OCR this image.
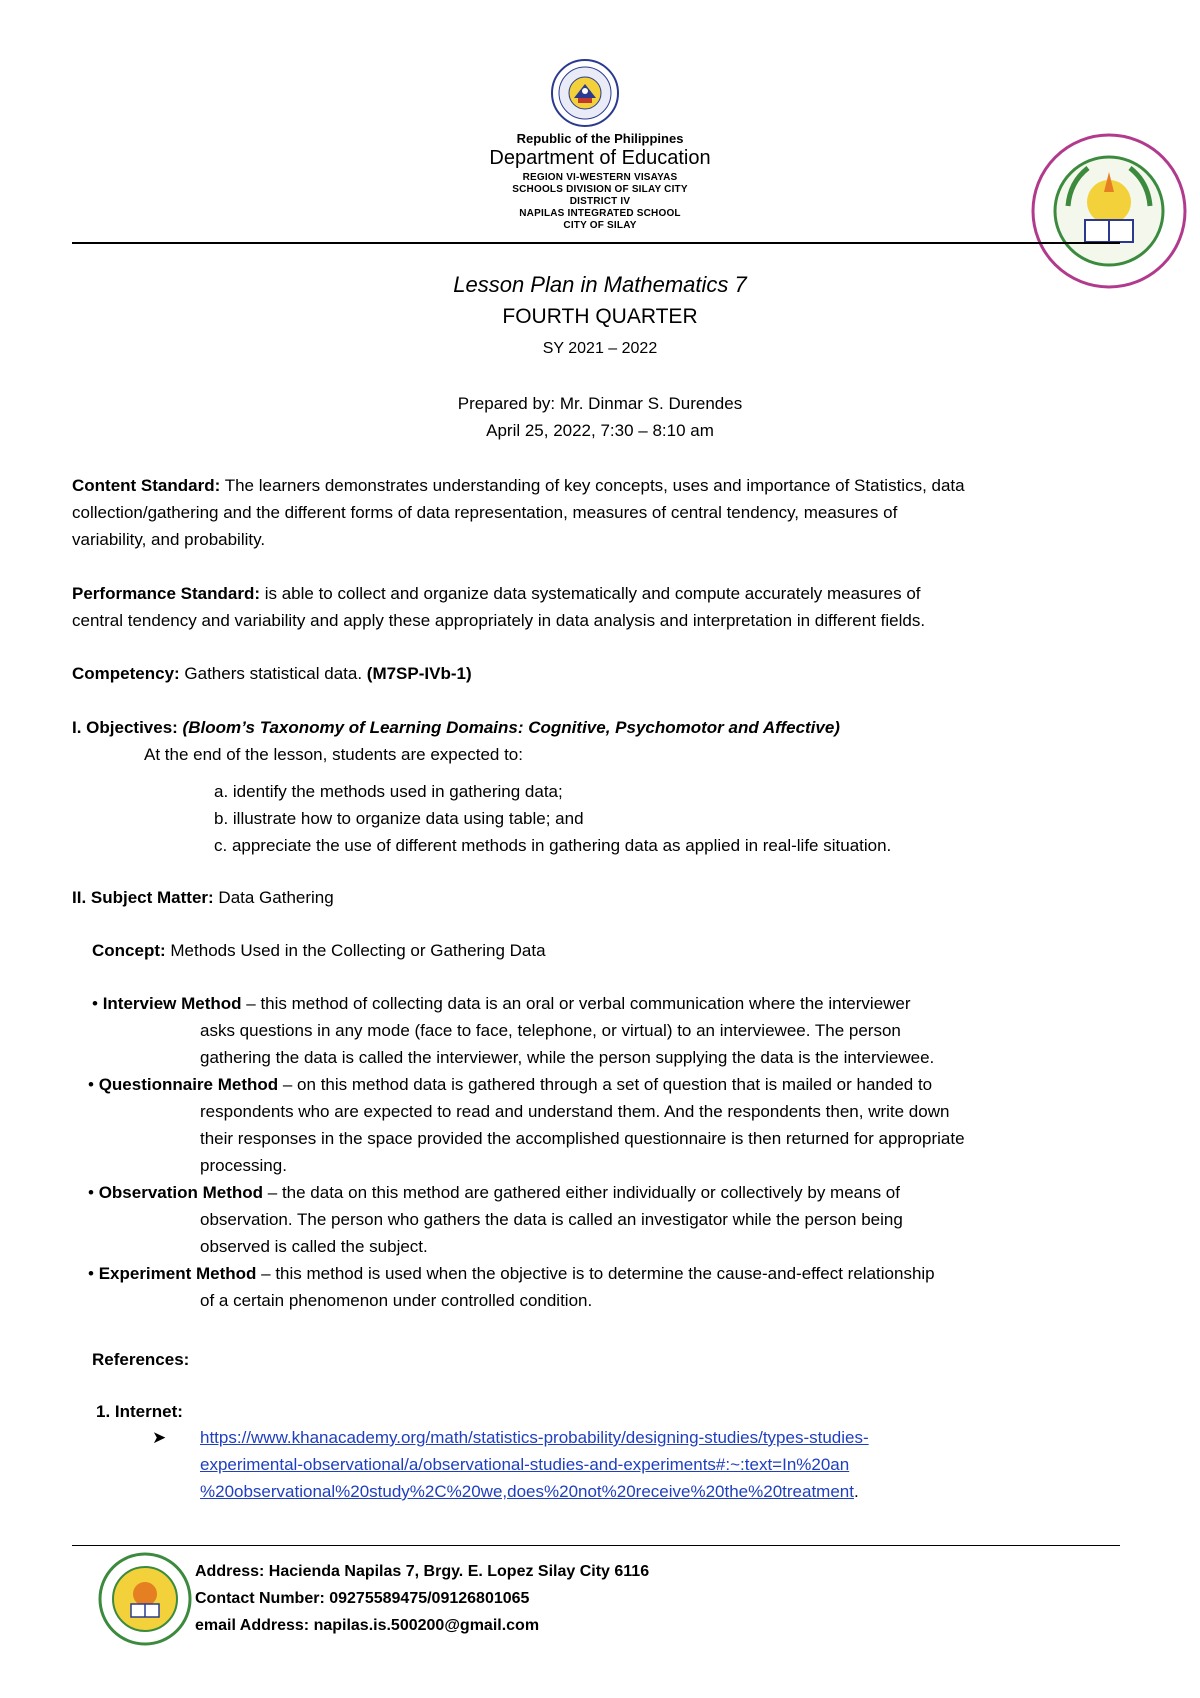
Republic of the Philippines
Department of Education
REGION VI-WESTERN VISAYAS
SCHOOLS DIVISION OF SILAY CITY
DISTRICT IV
NAPILAS INTEGRATED SCHOOL
CITY OF SILAY
Lesson Plan in Mathematics 7
FOURTH QUARTER
SY 2021 – 2022
Prepared by: Mr. Dinmar S. Durendes
April 25, 2022, 7:30 – 8:10 am
Content Standard: The learners demonstrates understanding of key concepts, uses and importance of Statistics, data
collection/gathering and the different forms of data representation, measures of central tendency, measures of
variability, and probability.
Performance Standard: is able to collect and organize data systematically and compute accurately measures of
central tendency and variability and apply these appropriately in data analysis and interpretation in different fields.
Competency: Gathers statistical data. (M7SP-IVb-1)
I. Objectives: (Bloom’s Taxonomy of Learning Domains: Cognitive, Psychomotor and Affective)
At the end of the lesson, students are expected to:
a. identify the methods used in gathering data;
b. illustrate how to organize data using table; and
c. appreciate the use of different methods in gathering data as applied in real-life situation.
II. Subject Matter: Data Gathering
Concept: Methods Used in the Collecting or Gathering Data
• Interview Method – this method of collecting data is an oral or verbal communication where the interviewer
asks questions in any mode (face to face, telephone, or virtual) to an interviewee. The person
gathering the data is called the interviewer, while the person supplying the data is the interviewee.
• Questionnaire Method – on this method data is gathered through a set of question that is mailed or handed to
respondents who are expected to read and understand them. And the respondents then, write down
their responses in the space provided the accomplished questionnaire is then returned for appropriate
processing.
• Observation Method – the data on this method are gathered either individually or collectively by means of
observation. The person who gathers the data is called an investigator while the person being
observed is called the subject.
• Experiment Method – this method is used when the objective is to determine the cause-and-effect relationship
of a certain phenomenon under controlled condition.
References:
1. Internet:
➤	https://www.khanacademy.org/math/statistics-probability/designing-studies/types-studies-
experimental-observational/a/observational-studies-and-experiments#:~:text=In%20an
%20observational%20study%2C%20we,does%20not%20receive%20the%20treatment.
Address: Hacienda Napilas 7, Brgy. E. Lopez Silay City 6116
Contact Number: 09275589475/09126801065
email Address: napilas.is.500200@gmail.com
